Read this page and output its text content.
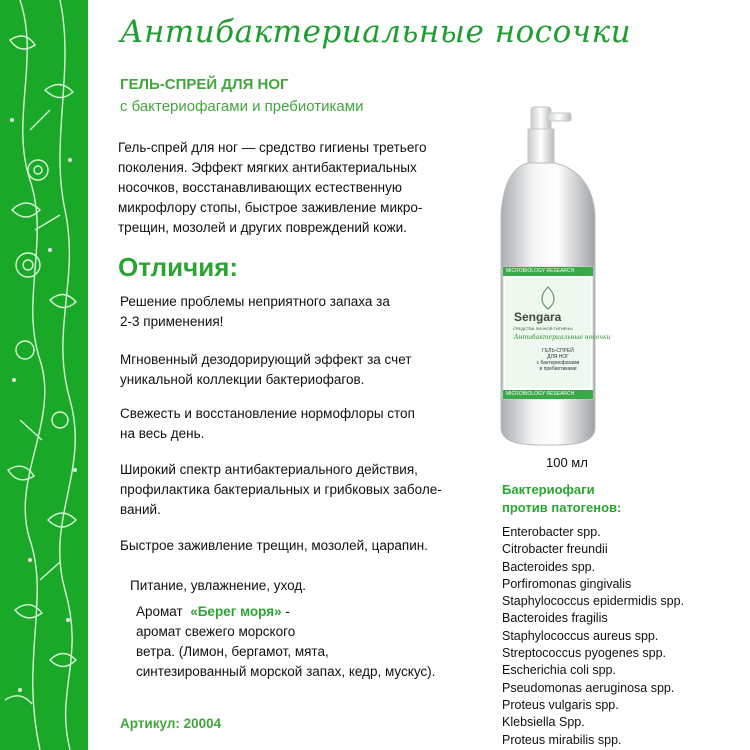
Антибактериальные носочки
ГЕЛЬ-СПРЕЙ ДЛЯ НОГ
с бактериофагами и пребиотиками
Гель-спрей для ног — средство гигиены третьего
поколения. Эффект мягких антибактериальных
носочков, восстанавливающих естественную
микрофлору стопы, быстрое заживление микро-
трещин, мозолей и других повреждений кожи.
Отличия:
Решение проблемы неприятного запаха за
2-3 применения!
Мгновенный дезодорирующий эффект за счет
уникальной коллекции бактериофагов.
Свежесть и восстановление нормофлоры стоп
на весь день.
Широкий спектр антибактериального действия,
профилактика бактериальных и грибковых заболе-
ваний.
Быстрое заживление трещин, мозолей, царапин.
Питание, увлажнение, уход.
Аромат «Берег моря» -
аромат свежего морского
ветра. (Лимон, бергамот, мята,
синтезированный морской запах, кедр, мускус).
Артикул: 20004
MICROBIOLOGY RESEARCH
Sengara
СРЕДСТВА ЛИЧНОЙ ГИГИЕНЫ
Антибактериальные носочки
ГЕЛЬ-СПРЕЙ
ДЛЯ НОГ
с бактериофагами
и пребиотиками
MICROBIOLOGY RESEARCH
100 мл
Бактериофаги
против патогенов:
Enterobacter spp.
Citrobacter freundii
Bacteroides spp.
Porfiromonas gingivalis
Staphylococcus epidermidis spp.
Bacteroides fragilis
Staphylococcus aureus spp.
Streptococcus pyogenes spp.
Escherichia coli spp.
Pseudomonas aeruginosa spp.
Proteus vulgaris spp.
Klebsiella Spp.
Proteus mirabilis spp.
